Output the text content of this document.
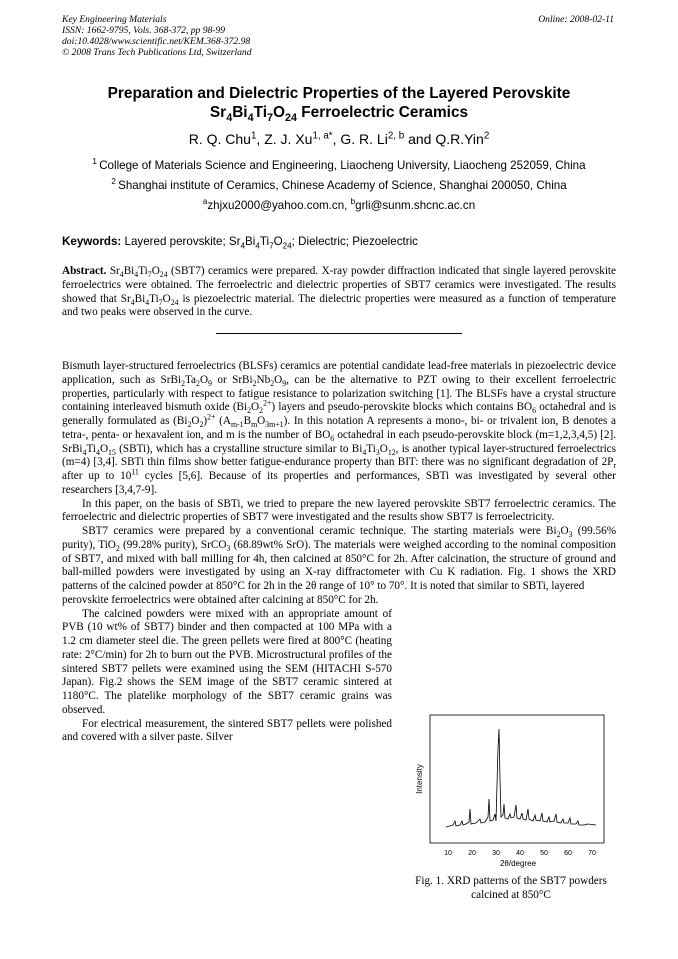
Key Engineering Materials
ISSN: 1662-9795, Vols. 368-372, pp 98-99
doi:10.4028/www.scientific.net/KEM.368-372.98
© 2008 Trans Tech Publications Ltd, Switzerland
Online: 2008-02-11
Preparation and Dielectric Properties of the Layered Perovskite
$Sr_4Bi_4Ti_7O_{24}$ Ferroelectric Ceramics
R. Q. Chu$^1$, Z. J. $Xu^{1, a*}$, G. R. Li$^{2, b}$ and Q.R.Yin$^2$
$^1$ College of Materials Science and Engineering, Liaocheng University, Liaocheng 252059, China
$^2$ Shanghai institute of Ceramics, Chinese Academy of Science, Shanghai 200050, China
$^a$zhjxu2000@yahoo.com.cn, $^b$grli@sunm.shcnc.ac.cn
Keywords: Layered perovskite; $Sr_4Bi_4Ti_7O_{24}$; Dielectric; Piezoelectric
Abstract. $Sr_4Bi_4Ti_7O_{24}$ (SBT7) ceramics were prepared. X-ray powder diffraction indicated that single layered perovskite ferroelectrics were obtained. The ferroelectric and dielectric properties of SBT7 ceramics were investigated. The results showed that $Sr_4Bi_4Ti_7O_{24}$ is piezoelectric material. The dielectric properties were measured as a function of temperature and two peaks were observed in the curve.

Bismuth layer-structured ferroelectrics (BLSFs) ceramics are potential candidate lead-free materials in piezoelectric device application, such as $SrBi_2Ta_2O_9$ or $SrBi_2Nb_2O_9$, can be the alternative to PZT owing to their excellent ferroelectric properties, particularly with respect to fatigue resistance to polarization switching [1]. The BLSFs have a crystal structure containing interleaved bismuth oxide $(Bi_2O_2^{2+})$ layers and pseudo-perovskite blocks which contains $BO_6$ octahedral and is generally formulated as $(Bi_2O_2)^{2+}$ $(A_{m-1}B_mO_{3m+1})$. In this notation A represents a mono-, bi- or trivalent ion, B denotes a tetra-, penta- or hexavalent ion, and m is the number of $BO_6$ octahedral in each pseudo-perovskite block (m=1,2,3,4,5) [2]. $SrBi_4Ti_4O_{15}$ (SBTi), which has a crystalline structure similar to $Bi_4Ti_3O_{12}$, is another typical layer-structured ferroelectrics (m=4) [3,4]. SBTi thin films show better fatigue-endurance property than BIT: there was no significant degradation of $2P_r$ after up to $10^{11}$ cycles [5,6]. Because of its properties and performances, SBTi was investigated by several other researchers [3,4,7-9].

In this paper, on the basis of SBTi, we tried to prepare the new layered perovskite SBT7 ferroelectric ceramics. The ferroelectric and dielectric properties of SBT7 were investigated and the results show SBT7 is ferroelectricity.

SBT7 ceramics were prepared by a conventional ceramic technique. The starting materials were $Bi_2O_3$ (99.56% purity), TiO$_2$ (99.28% purity), SrCO$_3$ (68.89wt% SrO). The materials were weighed according to the nominal composition of SBT7, and mixed with ball milling for 4h, then calcined at 850°C for 2h. After calcination, the structure of ground and ball-milled powders were investigated by using an X-ray diffractometer with Cu K radiation. Fig. 1 shows the XRD patterns of the calcined powder at 850°C for 2h in the 2θ range of 10° to 70°. It is noted that similar to SBTi, layered

perovskite ferroelectrics were obtained after calcining at 850°C for 2h.

The calcined powders were mixed with an appropriate amount of PVB (10 wt% of SBT7) binder and then compacted at 100 MPa with a 1.2 cm diameter steel die. The green pellets were fired at 800°C (heating rate: 2°C/min) for 2h to burn out the PVB. Microstructural profiles of the sintered SBT7 pellets were examined using the SEM (HITACHI S-570 Japan). Fig.2 shows the SEM image of the SBT7 ceramic sintered at 1180°C. The platelike morphology of the SBT7 ceramic grains was observed.

For electrical measurement, the sintered SBT7 pellets were polished and covered with a silver paste. Silver

10 20 30 40 50 60 70
2θ/degree
Intensity
Fig. 1. XRD patterns of the SBT7 powders calcined at 850°C
